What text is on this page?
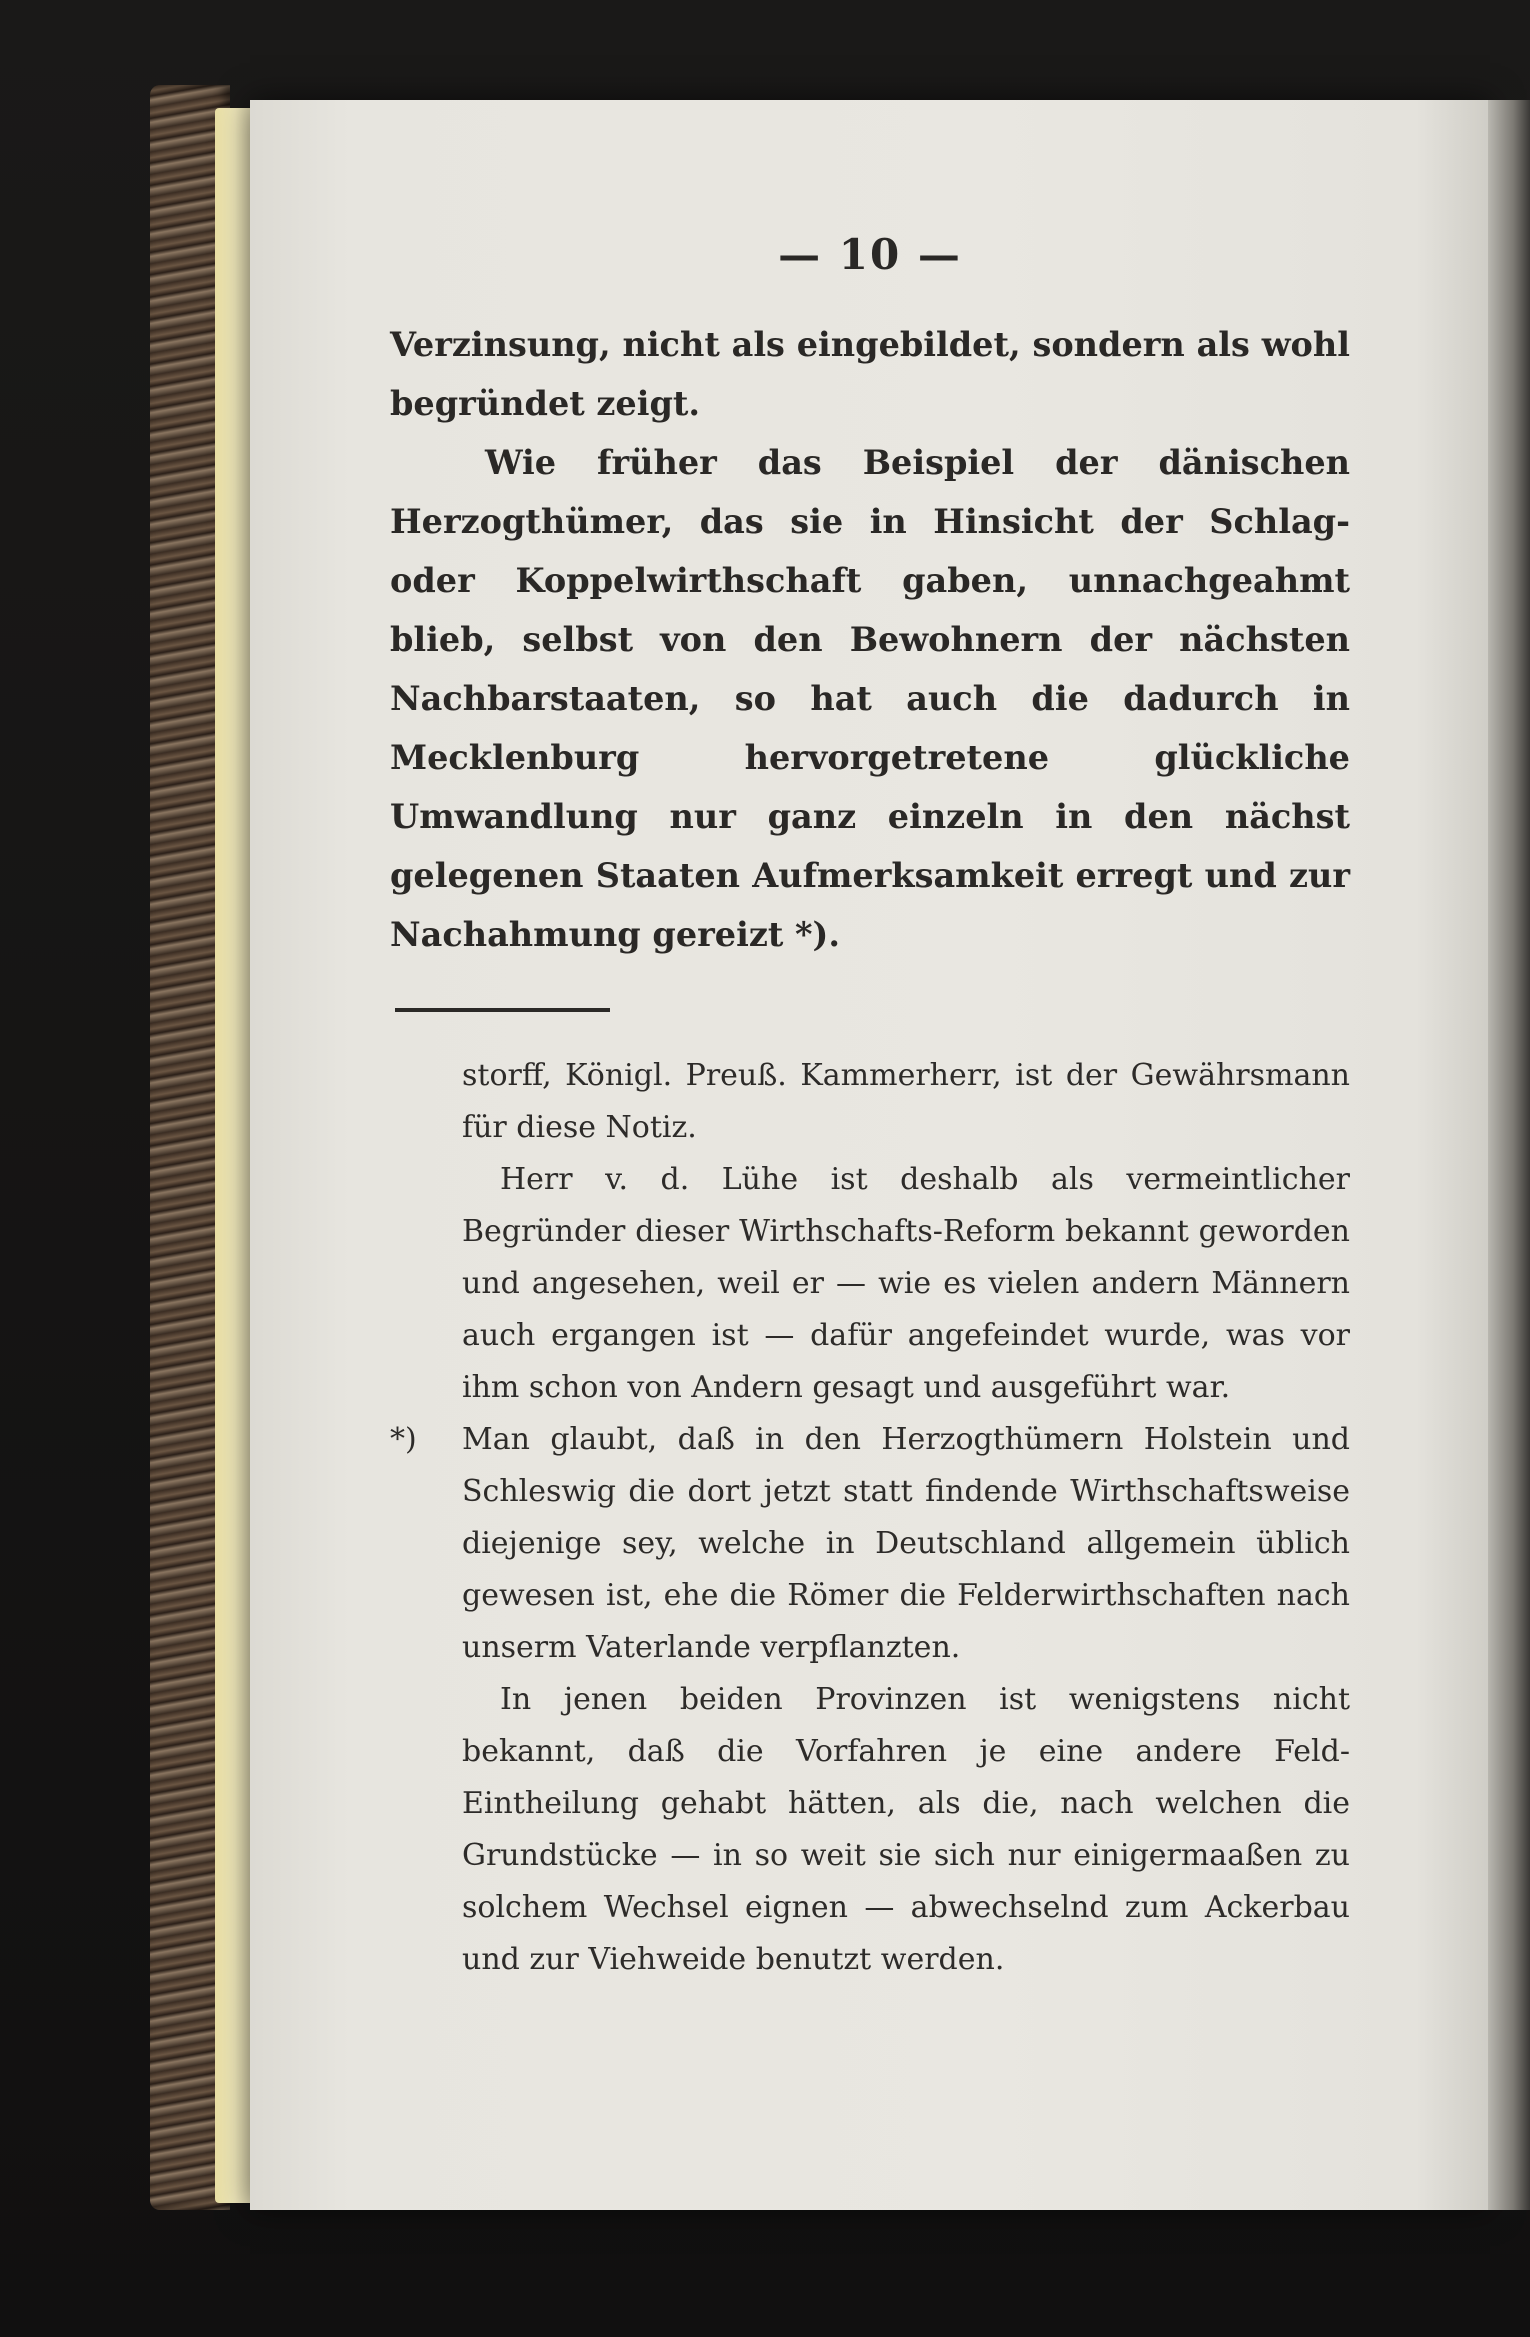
— 10 —

Verzinsung, nicht als eingebildet, sondern als wohl begründet zeigt.

Wie früher das Beispiel der dänischen Herzogthümer, das sie in Hinsicht der Schlag- oder Koppelwirthschaft gaben, unnachgeahmt blieb, selbst von den Bewohnern der nächsten Nachbarstaaten, so hat auch die dadurch in Mecklenburg hervorgetretene glückliche Umwandlung nur ganz einzeln in den nächst gelegenen Staaten Aufmerksamkeit erregt und zur Nachahmung gereizt *).

storff, Königl. Preuß. Kammerherr, ist der Gewährsmann für diese Notiz.

Herr v. d. Lühe ist deshalb als vermeintlicher Begründer dieser Wirthschafts-Reform bekannt geworden und angesehen, weil er — wie es vielen andern Männern auch ergangen ist — dafür angefeindet wurde, was vor ihm schon von Andern gesagt und ausgeführt war.

*)	Man glaubt, daß in den Herzogthümern Holstein und Schleswig die dort jetzt statt findende Wirthschaftsweise diejenige sey, welche in Deutschland allgemein üblich gewesen ist, ehe die Römer die Felderwirthschaften nach unserm Vaterlande verpflanzten.

In jenen beiden Provinzen ist wenigstens nicht bekannt, daß die Vorfahren je eine andere Feld-Eintheilung gehabt hätten, als die, nach welchen die Grundstücke — in so weit sie sich nur einigermaaßen zu solchem Wechsel eignen — abwechselnd zum Ackerbau und zur Viehweide benutzt werden.
